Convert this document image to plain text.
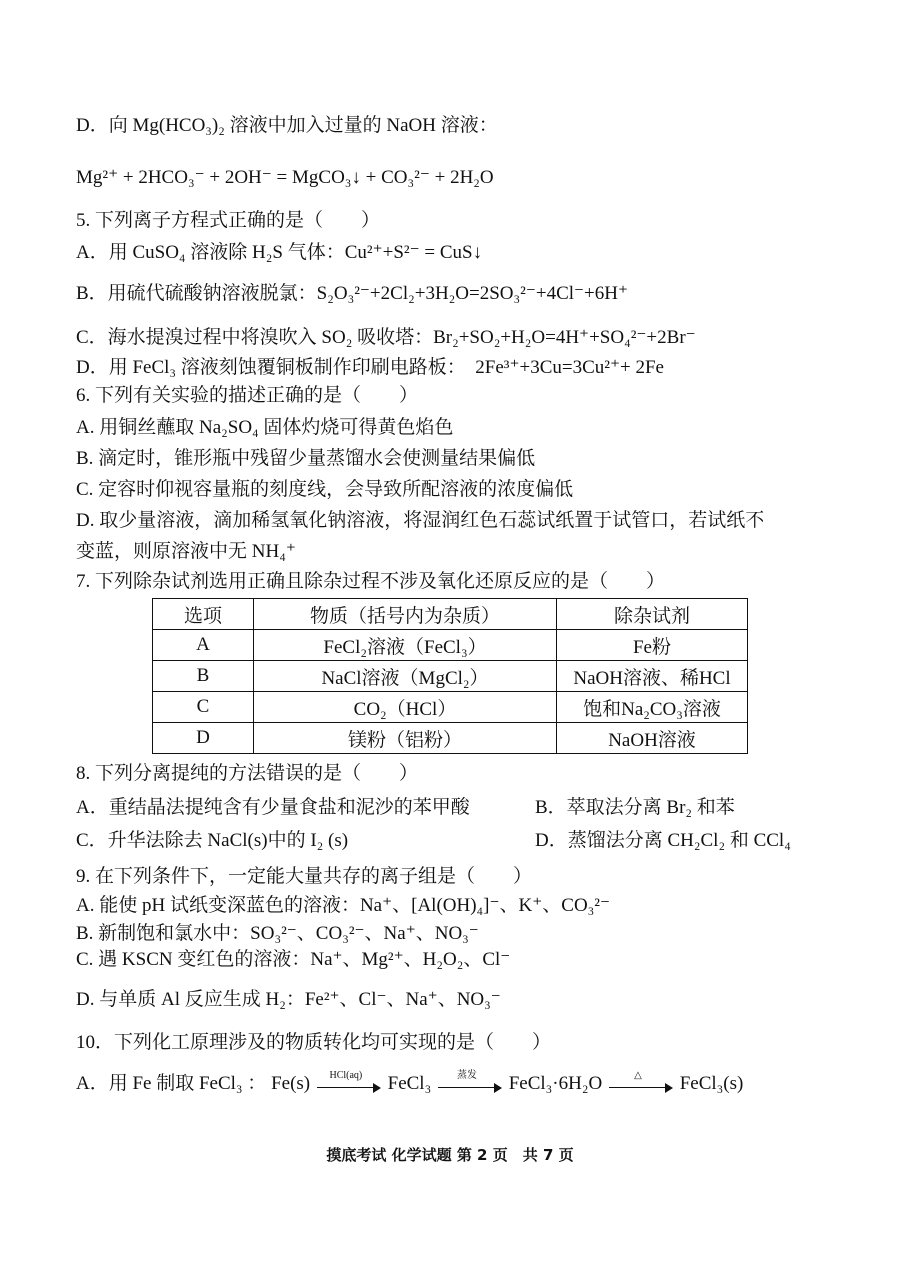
D．向 Mg(HCO₃)₂ 溶液中加入过量的 NaOH 溶液：
Mg²⁺ + 2HCO₃⁻ + 2OH⁻ = MgCO₃↓ + CO₃²⁻ + 2H₂O
5. 下列离子方程式正确的是（　　）
A．用 CuSO₄ 溶液除 H₂S 气体：Cu²⁺+S²⁻ = CuS↓
B．用硫代硫酸钠溶液脱氯：S₂O₃²⁻+2Cl₂+3H₂O=2SO₃²⁻+4Cl⁻+6H⁺
C．海水提溴过程中将溴吹入 SO₂ 吸收塔：Br₂+SO₂+H₂O=4H⁺+SO₄²⁻+2Br⁻
D．用 FeCl₃ 溶液刻蚀覆铜板制作印刷电路板：　2Fe³⁺+3Cu=3Cu²⁺+ 2Fe
6. 下列有关实验的描述正确的是（　　）
A. 用铜丝蘸取 Na₂SO₄ 固体灼烧可得黄色焰色
B. 滴定时，锥形瓶中残留少量蒸馏水会使测量结果偏低
C. 定容时仰视容量瓶的刻度线，会导致所配溶液的浓度偏低
D. 取少量溶液，滴加稀氢氧化钠溶液，将湿润红色石蕊试纸置于试管口，若试纸不
变蓝，则原溶液中无 NH₄⁺
7. 下列除杂试剂选用正确且除杂过程不涉及氧化还原反应的是（　　）
选项	物质（括号内为杂质）	除杂试剂
A	FeCl₂溶液（FeCl₃）	Fe粉
B	NaCl溶液（MgCl₂）	NaOH溶液、稀HCl
C	CO₂（HCl）	饱和Na₂CO₃溶液
D	镁粉（铝粉）	NaOH溶液
8. 下列分离提纯的方法错误的是（　　）
A．重结晶法提纯含有少量食盐和泥沙的苯甲酸	B．萃取法分离 Br₂ 和苯
C．升华法除去 NaCl(s)中的 I₂ (s)	D．蒸馏法分离 CH₂Cl₂ 和 CCl₄
9. 在下列条件下，一定能大量共存的离子组是（　　）
A. 能使 pH 试纸变深蓝色的溶液：Na⁺、[Al(OH)₄]⁻、K⁺、CO₃²⁻
B. 新制饱和氯水中：SO₃²⁻、CO₃²⁻、Na⁺、NO₃⁻
C. 遇 KSCN 变红色的溶液：Na⁺、Mg²⁺、H₂O₂、Cl⁻
D. 与单质 Al 反应生成 H₂：Fe²⁺、Cl⁻、Na⁺、NO₃⁻
10．下列化工原理涉及的物质转化均可实现的是（　　）
A．用 Fe 制取 FeCl₃ ： Fe(s)	HCl(aq)	FeCl₃	蒸发	FeCl₃·6H₂O	△	FeCl₃(s)
摸底考试 化学试题 第 2 页　共 7 页
